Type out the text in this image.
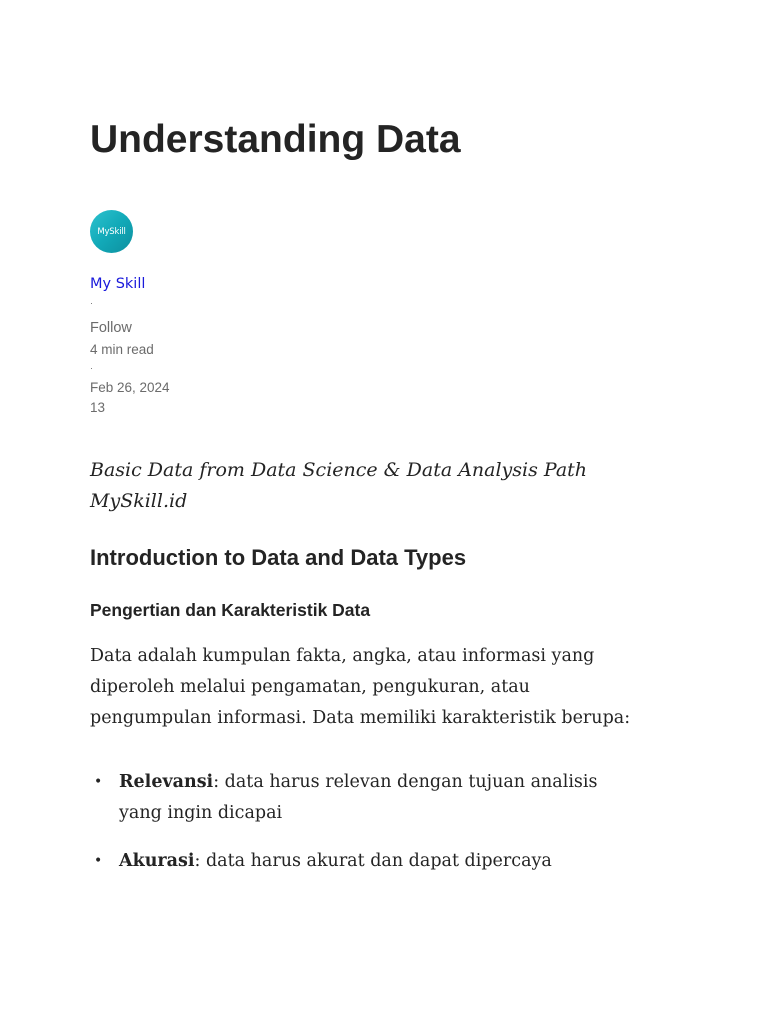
Understanding Data
MySkill
My Skill
·
Follow
4 min read
·
Feb 26, 2024
13

Basic Data from Data Science & Data Analysis Path
MySkill.id

Introduction to Data and Data Types
Pengertian dan Karakteristik Data

Data adalah kumpulan fakta, angka, atau informasi yang
diperoleh melalui pengamatan, pengukuran, atau
pengumpulan informasi. Data memiliki karakteristik berupa:

• Relevansi: data harus relevan dengan tujuan analisis
yang ingin dicapai
• Akurasi: data harus akurat dan dapat dipercaya
